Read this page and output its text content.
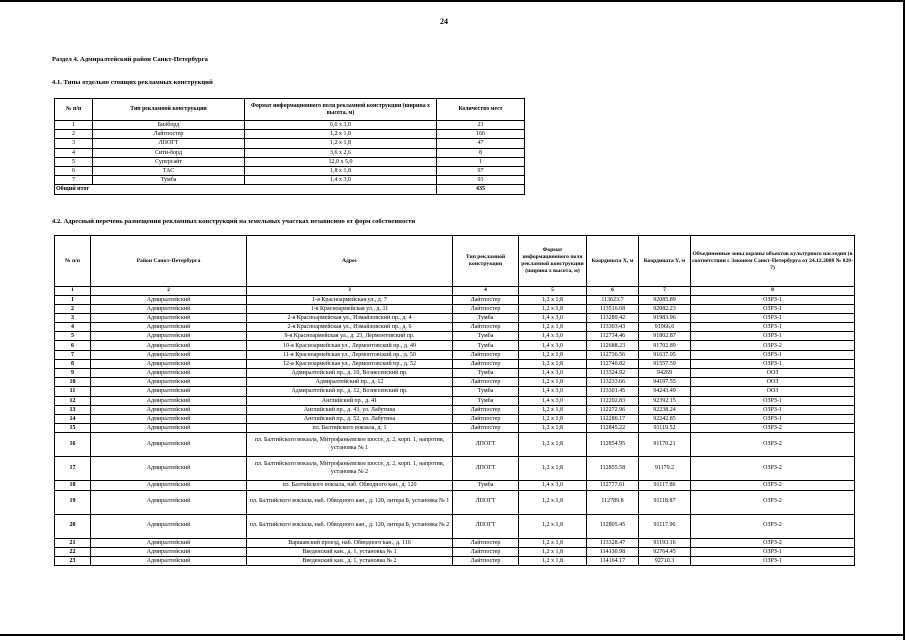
24
Раздел 4. Адмиралтейский район Санкт-Петербурга
4.1. Типы отдельно стоящих рекламных конструкций
№ п/п	Тип рекламной конструкции	Формат информационного поля рекламной конструкции (ширина х высота, м)	Количество мест
1	Билборд	6,0 х 3,0	23
2	Лайтпостер	1,2 х 1,8	166
3	ЛПОГТ	1,2 х 1,8	47
4	Сити-борд	3,6 х 2,6	8
5	Суперсайт	12,0 х 5,0	1
6	ТАС	1,8 х 1,8	97
7	Тумба	1,4 х 3,0	93
Общий итог			435
4.2. Адресный перечень размещения рекламных конструкций на земельных участках независимо от форм собственности
№ п/п	Район Санкт-Петербурга	Адрес	Тип рекламной конструкции	Формат информационного поля рекламной конструкции (ширина х высота, м)	Координата X, м	Координата Y, м	Объединенные зоны охраны объектов культурного наследия (в соответствии с Законом Санкт-Петербурга от 24.12.2008 № 820-7)
1	2	3	4	5	6	7	8
1	Адмиралтейский	1-я Красноармейская ул., д. 7	Лайтпостер	1,2 х 1,8	113623.7	92085.89	ОЗРЗ-1
2	Адмиралтейский	1-я Красноармейская ул., д. 11	Лайтпостер	1,2 х 1,8	113516.68	92082.23	ОЗРЗ-1
3	Адмиралтейский	2-я Красноармейская ул., Измайловский пр., д. 4	Тумба	1,4 х 3,0	113289.42	91983.96	ОЗРЗ-1
4	Адмиралтейский	2-я Красноармейская ул., Измайловский пр., д. 6	Лайтпостер	1,2 х 1,8	113303.43	91966.6	ОЗРЗ-1
5	Адмиралтейский	9-я Красноармейская ул., д. 23, Лермонтовский пр.	Тумба	1,4 х 3,0	112734.46	91802.87	ОЗРЗ-1
6	Адмиралтейский	10-я Красноармейская ул., Лермонтовский пр., д. 49	Тумба	1,4 х 3,0	112688.23	91702.89	ОЗРЗ-2
7	Адмиралтейский	11-я Красноармейская ул., Лермонтовский пр., д. 50	Лайтпостер	1,2 х 1,8	112736.56	91637.05	ОЗРЗ-1
8	Адмиралтейский	12-я Красноармейская ул., Лермонтовский пр., д. 52	Лайтпостер	1,2 х 1,8	112740.82	91557.59	ОЗРЗ-1
9	Адмиралтейский	Адмиралтейский пр., д. 10, Вознесенский пр.	Тумба	1,4 х 3,0	113324.92	94269	ООЗ
10	Адмиралтейский	Адмиралтейский пр., д. 12	Лайтпостер	1,2 х 1,8	113233.66	94197.55	ООЗ
11	Адмиралтейский	Адмиралтейский пр., д. 12, Вознесенский пр.	Тумба	1,4 х 3,0	113301.45	94243.49	ООЗ
12	Адмиралтейский	Английский пр., д. 41	Тумба	1,4 х 3,0	112202.83	92392.15	ОЗРЗ-1
13	Адмиралтейский	Английский пр., д. 43, ул. Лабутина	Лайтпостер	1,2 х 1,8	112272.96	92238.24	ОЗРЗ-1
14	Адмиралтейский	Английский пр., д. 52, ул. Лабутина	Лайтпостер	1,2 х 1,8	112286.17	92242.85	ОЗРЗ-1
15	Адмиралтейский	пл. Балтийского вокзала, д. 1	Лайтпостер	1,2 х 1,8	112845.22	91119.52	ОЗРЗ-2
16	Адмиралтейский	пл. Балтийского вокзала, Митрофаньевское шоссе, д. 2, корп. 1, напротив, установка № 1	ЛПОГТ	1,2 х 1,8	112854.95	91170.21	ОЗРЗ-2
17	Адмиралтейский	пл. Балтийского вокзала, Митрофаньевское шоссе, д. 2, корп. 1, напротив, установка № 2	ЛПОГТ	1,2 х 1,8	112855.58	91179.2	ОЗРЗ-2
18	Адмиралтейский	пл. Балтийского вокзала, наб. Обводного кан., д. 120	Тумба	1,4 х 3,0	112777.61	91117.86	ОЗРЗ-2
19	Адмиралтейский	пл. Балтийского вокзала, наб. Обводного кан., д. 120, литера Б, установка № 1	ЛПОГТ	1,2 х 1,8	112789.8	91118.87	ОЗРЗ-2
20	Адмиралтейский	пл. Балтийского вокзала, наб. Обводного кан., д. 120, литера Б, установка № 2	ЛПОГТ	1,2 х 1,8	112805.45	91117.96	ОЗРЗ-2
21	Адмиралтейский	Варшавский проезд, наб. Обводного кан., д. 116	Лайтпостер	1,2 х 1,8	113328.47	91193.16	ОЗРЗ-2
22	Адмиралтейский	Введенский кан., д. 1, установка № 1	Лайтпостер	1,2 х 1,8	114130.98	92764.45	ОЗРЗ-1
23	Адмиралтейский	Введенский кан., д. 1, установка № 2	Лайтпостер	1,2 х 1,8	114164.17	92710.3	ОЗРЗ-1
